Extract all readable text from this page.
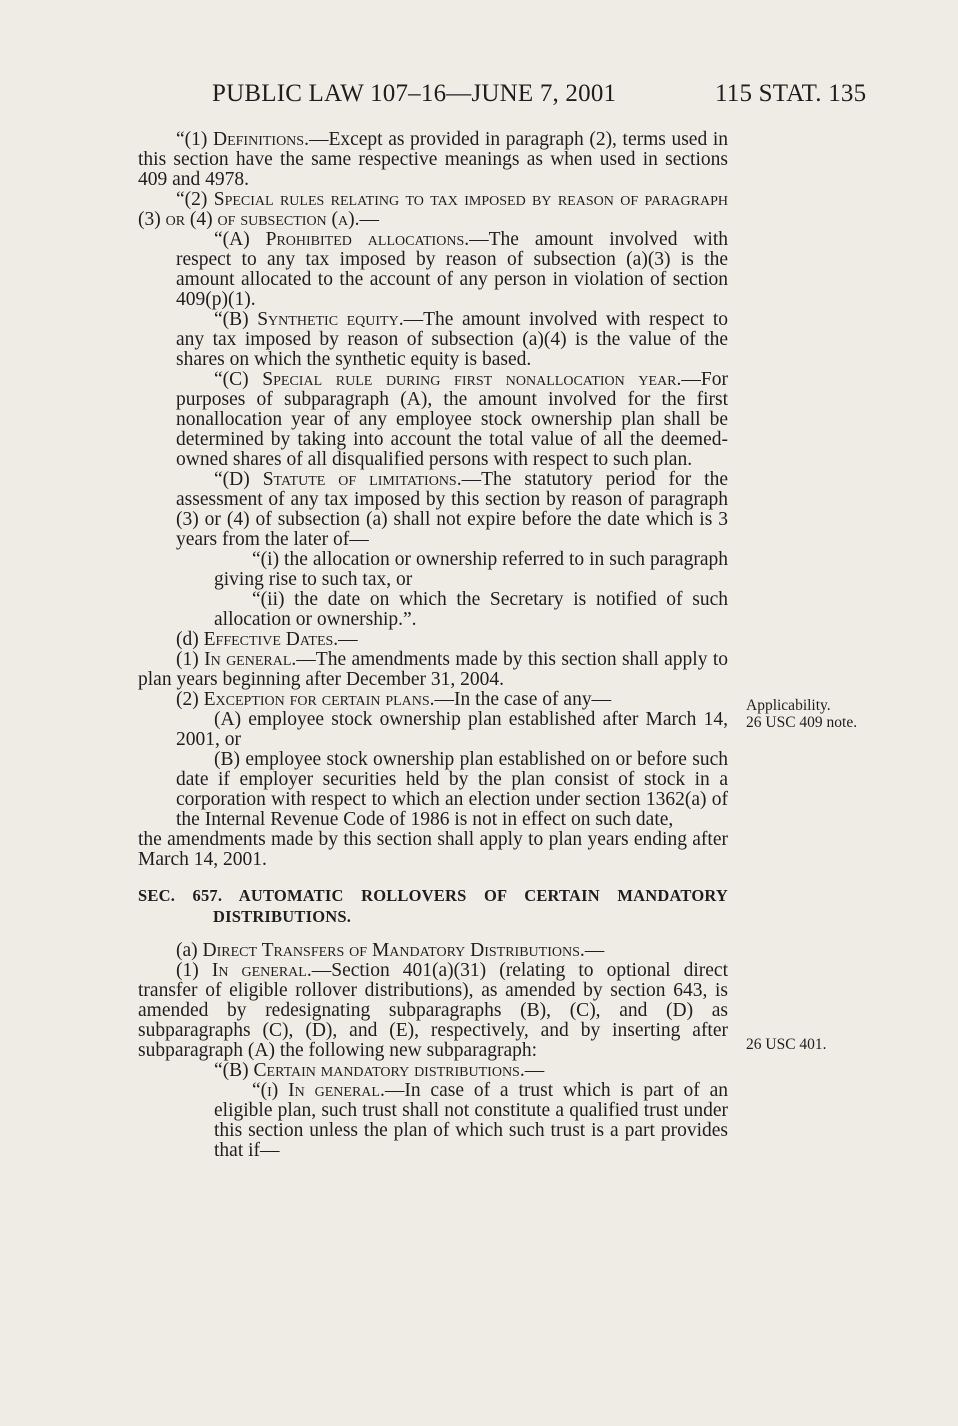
PUBLIC LAW 107–16—JUNE 7, 2001	115 STAT. 135

“(1) Definitions.—Except as provided in paragraph (2), terms used in this section have the same respective meanings as when used in sections 409 and 4978.

“(2) Special rules relating to tax imposed by reason of paragraph (3) or (4) of subsection (a).—

“(A) Prohibited allocations.—The amount involved with respect to any tax imposed by reason of subsection (a)(3) is the amount allocated to the account of any person in violation of section 409(p)(1).

“(B) Synthetic equity.—The amount involved with respect to any tax imposed by reason of subsection (a)(4) is the value of the shares on which the synthetic equity is based.

“(C) Special rule during first nonallocation year.—For purposes of subparagraph (A), the amount involved for the first nonallocation year of any employee stock ownership plan shall be determined by taking into account the total value of all the deemed-owned shares of all disqualified persons with respect to such plan.

“(D) Statute of limitations.—The statutory period for the assessment of any tax imposed by this section by reason of paragraph (3) or (4) of subsection (a) shall not expire before the date which is 3 years from the later of—

“(i) the allocation or ownership referred to in such paragraph giving rise to such tax, or

“(ii) the date on which the Secretary is notified of such allocation or ownership.”.

(d) Effective Dates.—

(1) In general.—The amendments made by this section shall apply to plan years beginning after December 31, 2004.

(2) Exception for certain plans.—In the case of any—

(A) employee stock ownership plan established after March 14, 2001, or

(B) employee stock ownership plan established on or before such date if employer securities held by the plan consist of stock in a corporation with respect to which an election under section 1362(a) of the Internal Revenue Code of 1986 is not in effect on such date,

the amendments made by this section shall apply to plan years ending after March 14, 2001.

SEC. 657. AUTOMATIC ROLLOVERS OF CERTAIN MANDATORY DISTRIBUTIONS.

(a) Direct Transfers of Mandatory Distributions.—

(1) In general.—Section 401(a)(31) (relating to optional direct transfer of eligible rollover distributions), as amended by section 643, is amended by redesignating subparagraphs (B), (C), and (D) as subparagraphs (C), (D), and (E), respectively, and by inserting after subparagraph (A) the following new subparagraph:

“(B) Certain mandatory distributions.—

“(i) In general.—In case of a trust which is part of an eligible plan, such trust shall not constitute a qualified trust under this section unless the plan of which such trust is a part provides that if—

Applicability.
26 USC 409 note.
26 USC 401.
